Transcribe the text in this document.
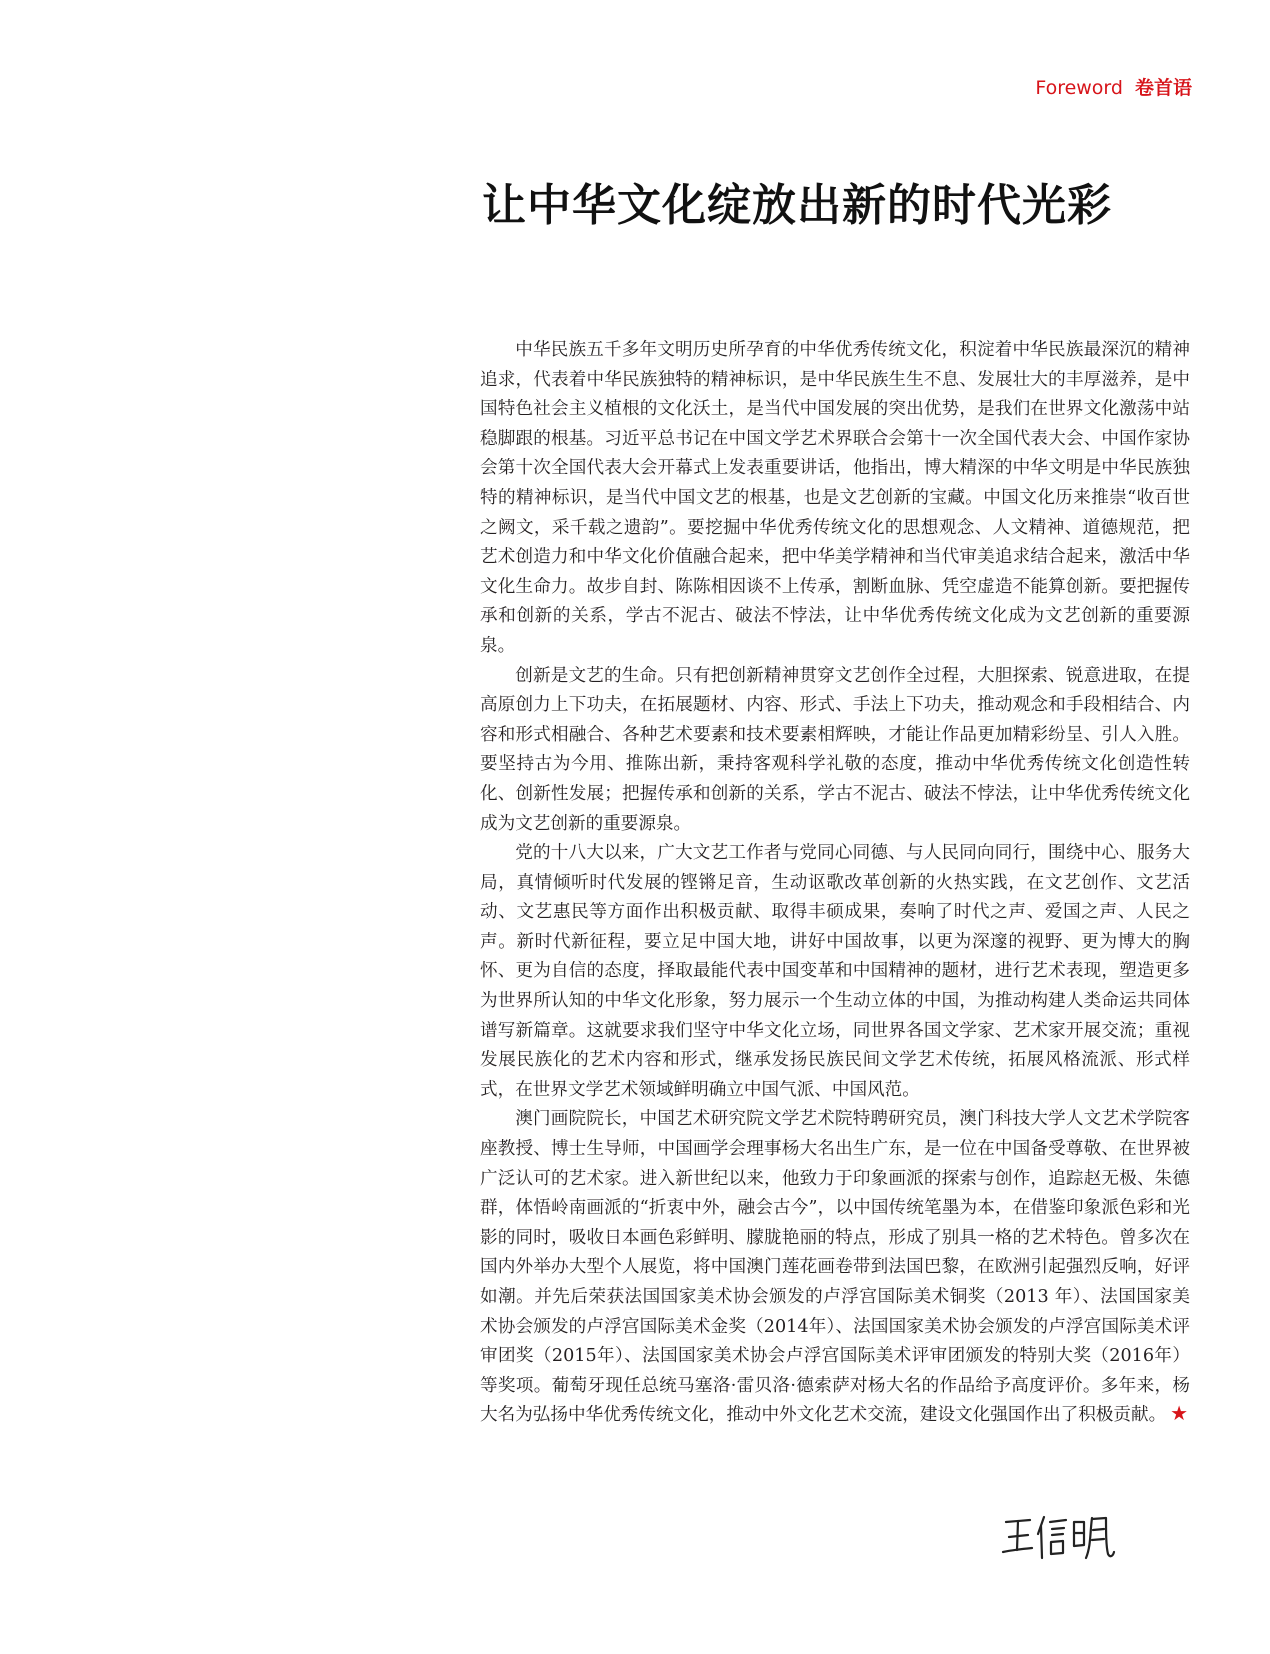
Foreword 卷首语
让中华文化绽放出新的时代光彩

中华民族五千多年文明历史所孕育的中华优秀传统文化，积淀着中华民族最深沉的精神追求，代表着中华民族独特的精神标识，是中华民族生生不息、发展壮大的丰厚滋养，是中国特色社会主义植根的文化沃土，是当代中国发展的突出优势，是我们在世界文化激荡中站稳脚跟的根基。习近平总书记在中国文学艺术界联合会第十一次全国代表大会、中国作家协会第十次全国代表大会开幕式上发表重要讲话，他指出，博大精深的中华文明是中华民族独特的精神标识，是当代中国文艺的根基，也是文艺创新的宝藏。中国文化历来推崇“收百世之阙文，采千载之遗韵”。要挖掘中华优秀传统文化的思想观念、人文精神、道德规范，把艺术创造力和中华文化价值融合起来，把中华美学精神和当代审美追求结合起来，激活中华文化生命力。故步自封、陈陈相因谈不上传承，割断血脉、凭空虚造不能算创新。要把握传承和创新的关系，学古不泥古、破法不悖法，让中华优秀传统文化成为文艺创新的重要源泉。

创新是文艺的生命。只有把创新精神贯穿文艺创作全过程，大胆探索、锐意进取，在提高原创力上下功夫，在拓展题材、内容、形式、手法上下功夫，推动观念和手段相结合、内容和形式相融合、各种艺术要素和技术要素相辉映，才能让作品更加精彩纷呈、引人入胜。要坚持古为今用、推陈出新，秉持客观科学礼敬的态度，推动中华优秀传统文化创造性转化、创新性发展；把握传承和创新的关系，学古不泥古、破法不悖法，让中华优秀传统文化成为文艺创新的重要源泉。

党的十八大以来，广大文艺工作者与党同心同德、与人民同向同行，围绕中心、服务大局，真情倾听时代发展的铿锵足音，生动讴歌改革创新的火热实践，在文艺创作、文艺活动、文艺惠民等方面作出积极贡献、取得丰硕成果，奏响了时代之声、爱国之声、人民之声。新时代新征程，要立足中国大地，讲好中国故事，以更为深邃的视野、更为博大的胸怀、更为自信的态度，择取最能代表中国变革和中国精神的题材，进行艺术表现，塑造更多为世界所认知的中华文化形象，努力展示一个生动立体的中国，为推动构建人类命运共同体谱写新篇章。这就要求我们坚守中华文化立场，同世界各国文学家、艺术家开展交流；重视发展民族化的艺术内容和形式，继承发扬民族民间文学艺术传统，拓展风格流派、形式样式，在世界文学艺术领域鲜明确立中国气派、中国风范。

澳门画院院长，中国艺术研究院文学艺术院特聘研究员，澳门科技大学人文艺术学院客座教授、博士生导师，中国画学会理事杨大名出生广东，是一位在中国备受尊敬、在世界被广泛认可的艺术家。进入新世纪以来，他致力于印象画派的探索与创作，追踪赵无极、朱德群，体悟岭南画派的“折衷中外，融会古今”，以中国传统笔墨为本，在借鉴印象派色彩和光影的同时，吸收日本画色彩鲜明、朦胧艳丽的特点，形成了别具一格的艺术特色。曾多次在国内外举办大型个人展览，将中国澳门莲花画卷带到法国巴黎，在欧洲引起强烈反响，好评如潮。并先后荣获法国国家美术协会颁发的卢浮宫国际美术铜奖（2013 年）、法国国家美术协会颁发的卢浮宫国际美术金奖（2014年）、法国国家美术协会颁发的卢浮宫国际美术评审团奖（2015年）、法国国家美术协会卢浮宫国际美术评审团颁发的特别大奖（2016年）等奖项。葡萄牙现任总统马塞洛·雷贝洛·德索萨对杨大名的作品给予高度评价。多年来，杨大名为弘扬中华优秀传统文化，推动中外文化艺术交流，建设文化强国作出了积极贡献。 ★
